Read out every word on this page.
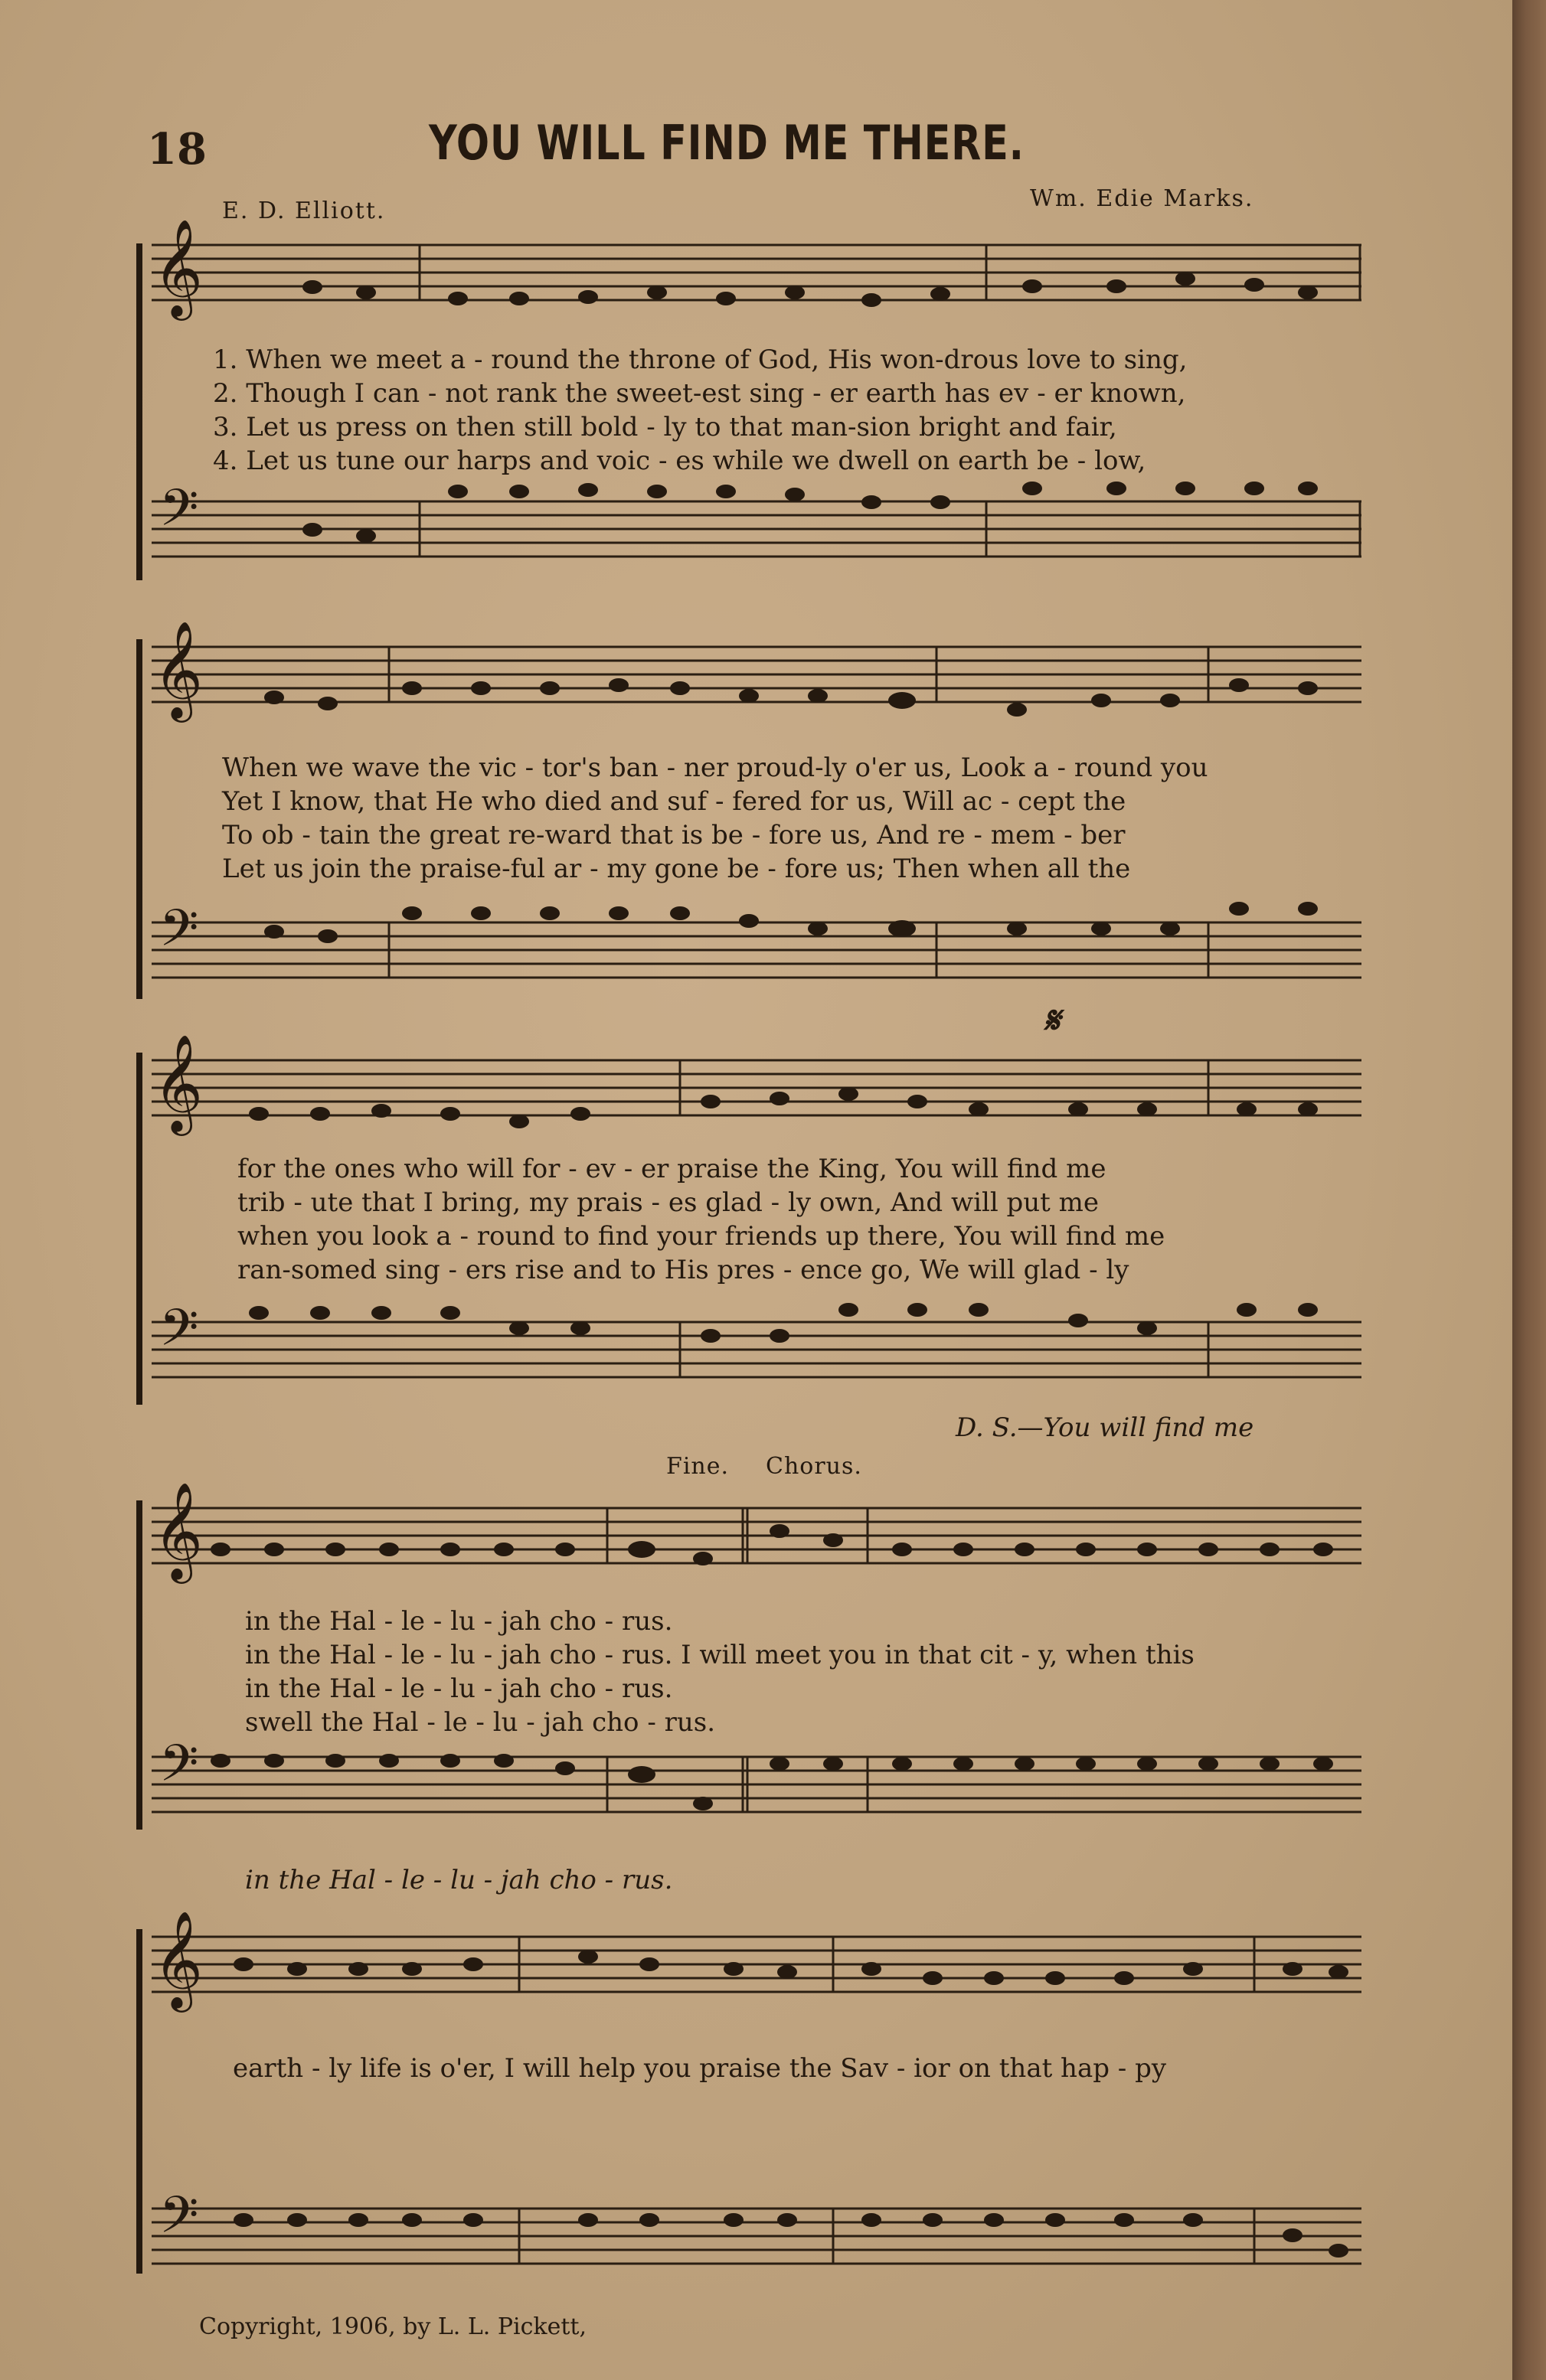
18	YOU WILL FIND ME THERE.
E. D. Elliott.	Wm. Edie Marks.
𝄞
𝄢
1. When we meet a - round the throne of God, His won-drous love to sing,
2. Though I can - not rank the sweet-est sing - er earth has ev - er known,
3. Let us press on then still bold - ly to that man-sion bright and fair,
4. Let us tune our harps and voic - es while we dwell on earth be - low,
𝄞
𝄢
When we wave the vic - tor's ban - ner proud-ly o'er us, Look a - round you
Yet I know, that He who died and suf - fered for us, Will ac - cept the
To ob - tain the great re-ward that is be - fore us, And re - mem - ber
Let us join the praise-ful ar - my gone be - fore us; Then when all the
𝄋
𝄞
𝄢
for the ones who will for - ev - er praise the King, You will find me
trib - ute that I bring, my prais - es glad - ly own, And will put me
when you look a - round to find your friends up there, You will find me
ran-somed sing - ers rise and to His pres - ence go, We will glad - ly
D. S.—You will find me
Fine. Chorus.
𝄞
𝄢
in the Hal - le - lu - jah cho - rus.
in the Hal - le - lu - jah cho - rus. I will meet you in that cit - y, when this
in the Hal - le - lu - jah cho - rus.
swell the Hal - le - lu - jah cho - rus.
in the Hal - le - lu - jah cho - rus.
𝄞
𝄢
earth - ly life is o'er, I will help you praise the Sav - ior on that hap - py
Copyright, 1906, by L. L. Pickett,
